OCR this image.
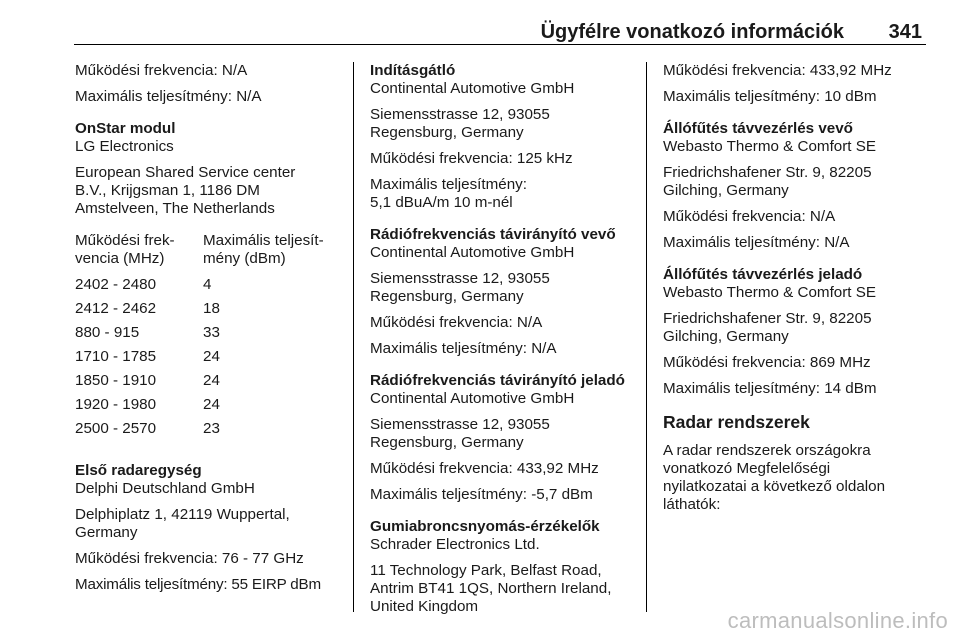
Ügyfélre vonatkozó információk 341

Működési frekvencia: N/A

Maximális teljesítmény: N/A

OnStar modul

LG Electronics

European Shared Service center
B.V., Krijgsman 1, 1186 DM
Amstelveen, The Netherlands

Működési frek-
vencia (MHz)	Maximális teljesít-
mény (dBm)
2402 - 2480	4
2412 - 2462	18
880 - 915	33
1710 - 1785	24
1850 - 1910	24
1920 - 1980	24
2500 - 2570	23

Első radaregység

Delphi Deutschland GmbH

Delphiplatz 1, 42119 Wuppertal,
Germany

Működési frekvencia: 76 - 77 GHz

Maximális teljesítmény: 55 EIRP dBm

Indításgátló

Continental Automotive GmbH

Siemensstrasse 12, 93055
Regensburg, Germany

Működési frekvencia: 125 kHz

Maximális teljesítmény:
5,1 dBuA/m 10 m-nél

Rádiófrekvenciás távirányító vevő

Continental Automotive GmbH

Siemensstrasse 12, 93055
Regensburg, Germany

Működési frekvencia: N/A

Maximális teljesítmény: N/A

Rádiófrekvenciás távirányító jeladó

Continental Automotive GmbH

Siemensstrasse 12, 93055
Regensburg, Germany

Működési frekvencia: 433,92 MHz

Maximális teljesítmény: -5,7 dBm

Gumiabroncsnyomás-érzékelők

Schrader Electronics Ltd.

11 Technology Park, Belfast Road,
Antrim BT41 1QS, Northern Ireland,
United Kingdom

Működési frekvencia: 433,92 MHz

Maximális teljesítmény: 10 dBm

Állófűtés távvezérlés vevő

Webasto Thermo & Comfort SE

Friedrichshafener Str. 9, 82205
Gilching, Germany

Működési frekvencia: N/A

Maximális teljesítmény: N/A

Állófűtés távvezérlés jeladó

Webasto Thermo & Comfort SE

Friedrichshafener Str. 9, 82205
Gilching, Germany

Működési frekvencia: 869 MHz

Maximális teljesítmény: 14 dBm

Radar rendszerek

A radar rendszerek országokra
vonatkozó Megfelelőségi
nyilatkozatai a következő oldalon
láthatók:

carmanualsonline.info
